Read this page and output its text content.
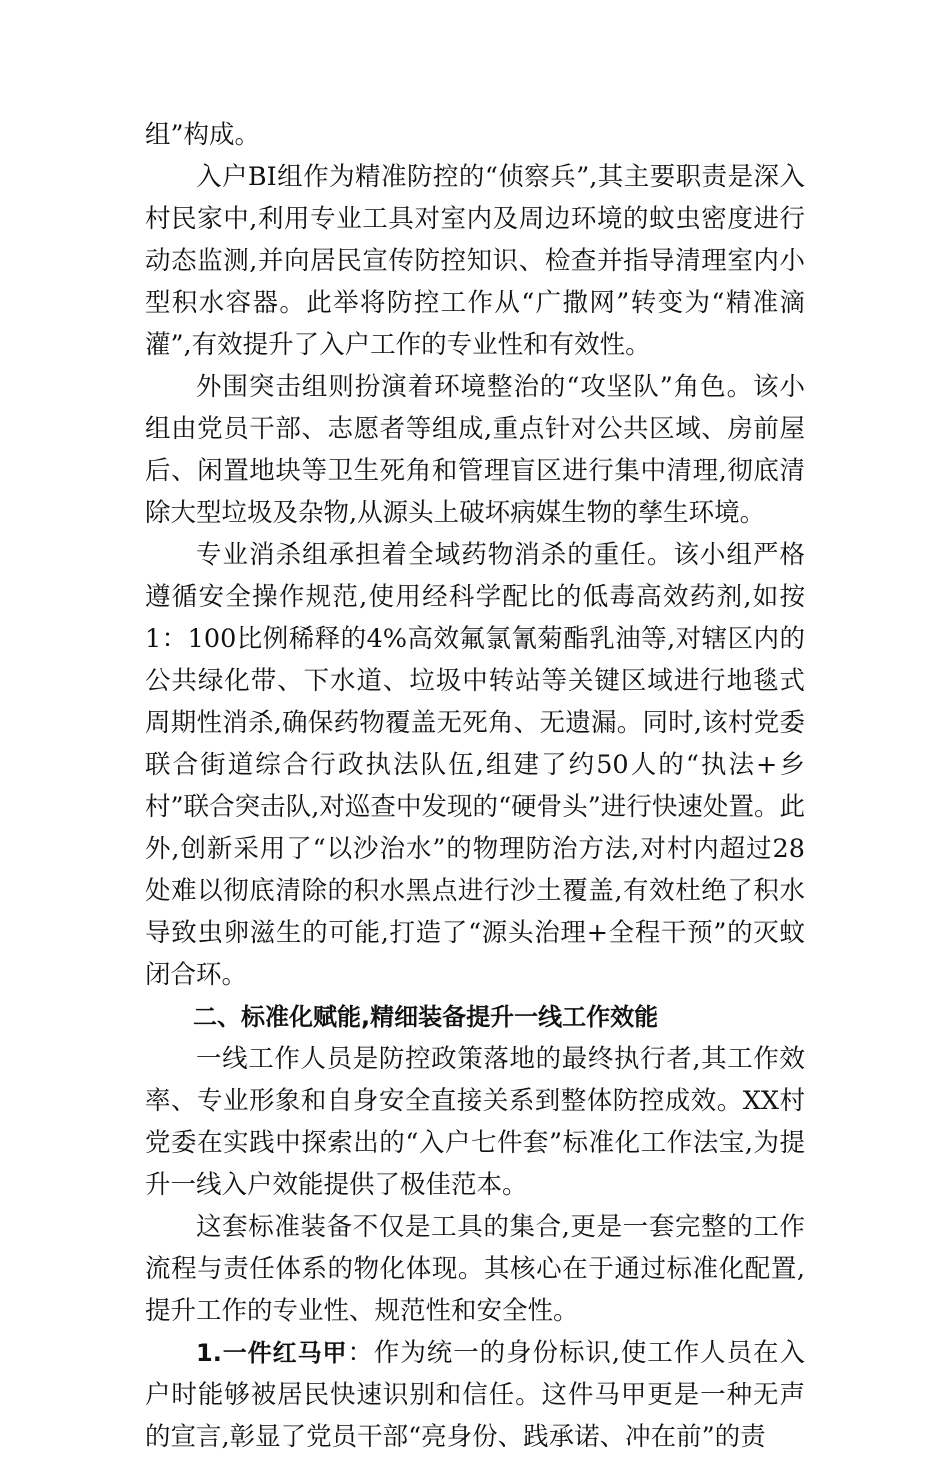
组”构成。

入户BI组作为精准防控的“侦察兵”,其主要职责是深入村民家中,利用专业工具对室内及周边环境的蚊虫密度进行动态监测,并向居民宣传防控知识、检查并指导清理室内小型积水容器。此举将防控工作从“广撒网”转变为“精准滴灌”,有效提升了入户工作的专业性和有效性。

外围突击组则扮演着环境整治的“攻坚队”角色。该小组由党员干部、志愿者等组成,重点针对公共区域、房前屋后、闲置地块等卫生死角和管理盲区进行集中清理,彻底清除大型垃圾及杂物,从源头上破坏病媒生物的孳生环境。

专业消杀组承担着全域药物消杀的重任。该小组严格遵循安全操作规范,使用经科学配比的低毒高效药剂,如按1：100比例稀释的4%高效氟氯氰菊酯乳油等,对辖区内的公共绿化带、下水道、垃圾中转站等关键区域进行地毯式周期性消杀,确保药物覆盖无死角、无遗漏。同时,该村党委联合街道综合行政执法队伍,组建了约50人的“执法+乡村”联合突击队,对巡查中发现的“硬骨头”进行快速处置。此外,创新采用了“以沙治水”的物理防治方法,对村内超过28处难以彻底清除的积水黑点进行沙土覆盖,有效杜绝了积水导致虫卵滋生的可能,打造了“源头治理+全程干预”的灭蚊闭合环。

二、标准化赋能,精细装备提升一线工作效能

一线工作人员是防控政策落地的最终执行者,其工作效率、专业形象和自身安全直接关系到整体防控成效。XX村党委在实践中探索出的“入户七件套”标准化工作法宝,为提升一线入户效能提供了极佳范本。

这套标准装备不仅是工具的集合,更是一套完整的工作流程与责任体系的物化体现。其核心在于通过标准化配置,提升工作的专业性、规范性和安全性。

1.一件红马甲：作为统一的身份标识,使工作人员在入户时能够被居民快速识别和信任。这件马甲更是一种无声的宣言,彰显了党员干部“亮身份、践承诺、冲在前”的责
